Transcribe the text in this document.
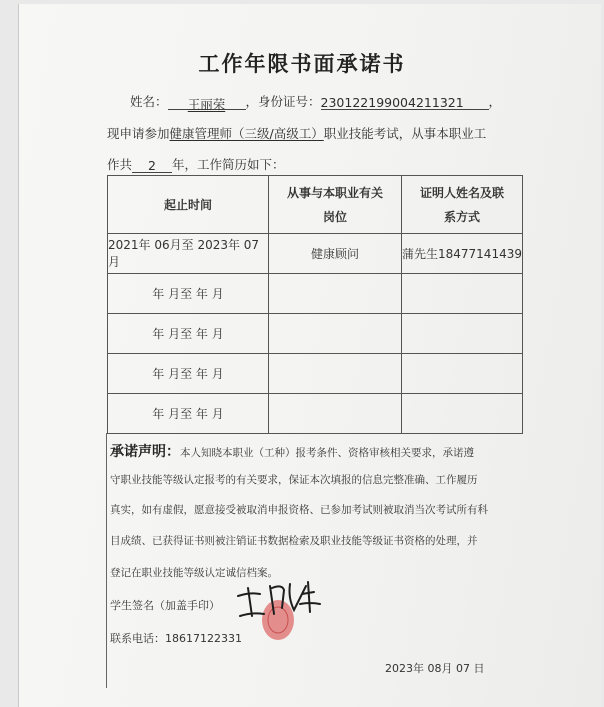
工作年限书面承诺书
姓名： 王丽荣 ，身份证号：230122199004211321 ，
现申请参加健康管理师（三级/高级工）职业技能考试，从事本职业工
作共 2 年，工作简历如下：
起止时间	从事与本职业有关岗位	证明人姓名及联系方式

2021年 06月至 2023年 07月	健康顾问	蒲先生18477141439
年 月至 年 月		
年 月至 年 月		
年 月至 年 月		
年 月至 年 月		
承诺声明：本人知晓本职业（工种）报考条件、资格审核相关要求，承诺遵
守职业技能等级认定报考的有关要求，保证本次填报的信息完整准确、工作履历
真实，如有虚假，愿意接受被取消申报资格、已参加考试则被取消当次考试所有科
目成绩、已获得证书则被注销证书数据检索及职业技能等级证书资格的处理，并
登记在职业技能等级认定诚信档案。
学生签名（加盖手印）
联系电话：18617122331
2023年 08月 07 日
